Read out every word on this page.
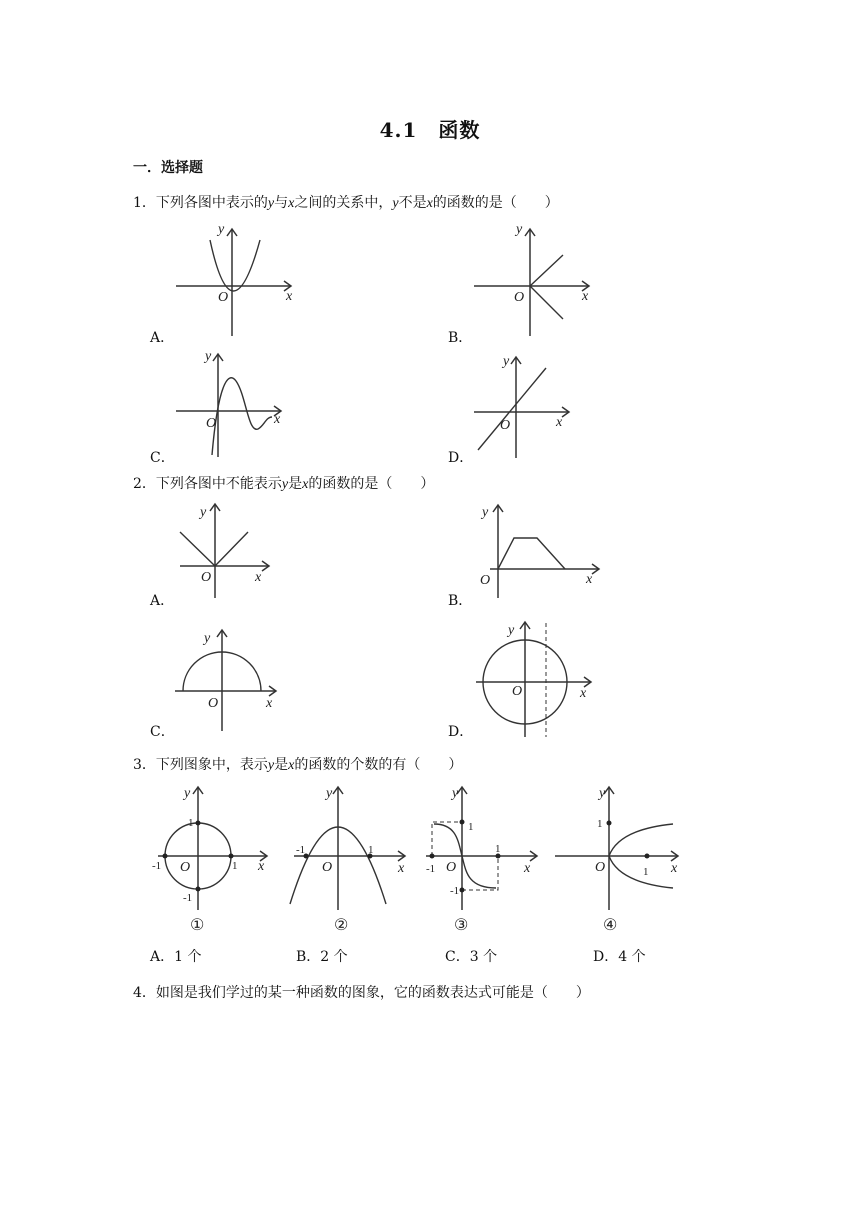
4.1　函数
一．选择题
1．下列各图中表示的y与x之间的关系中，y不是x的函数的是（　　）
O	x
y
A．
O	x
y
B．
O	x
y
C．
O	x
y
D．
2．下列各图中不能表示y是x的函数的是（　　）
O	x
y
A．
O	x
y
B．
O	x
y
C．
O	x
y
D．
3．下列图象中，表示y是x的函数的个数的有（　　）
1
-1
-1	1
O	x
y
①
-1	1
O	x
y
②
1
-1
-1
1
O	x
y
③
1
1
O	x
y
④
A．1 个	B．2 个	C．3 个	D．4 个
4．如图是我们学过的某一种函数的图象，它的函数表达式可能是（　　）
